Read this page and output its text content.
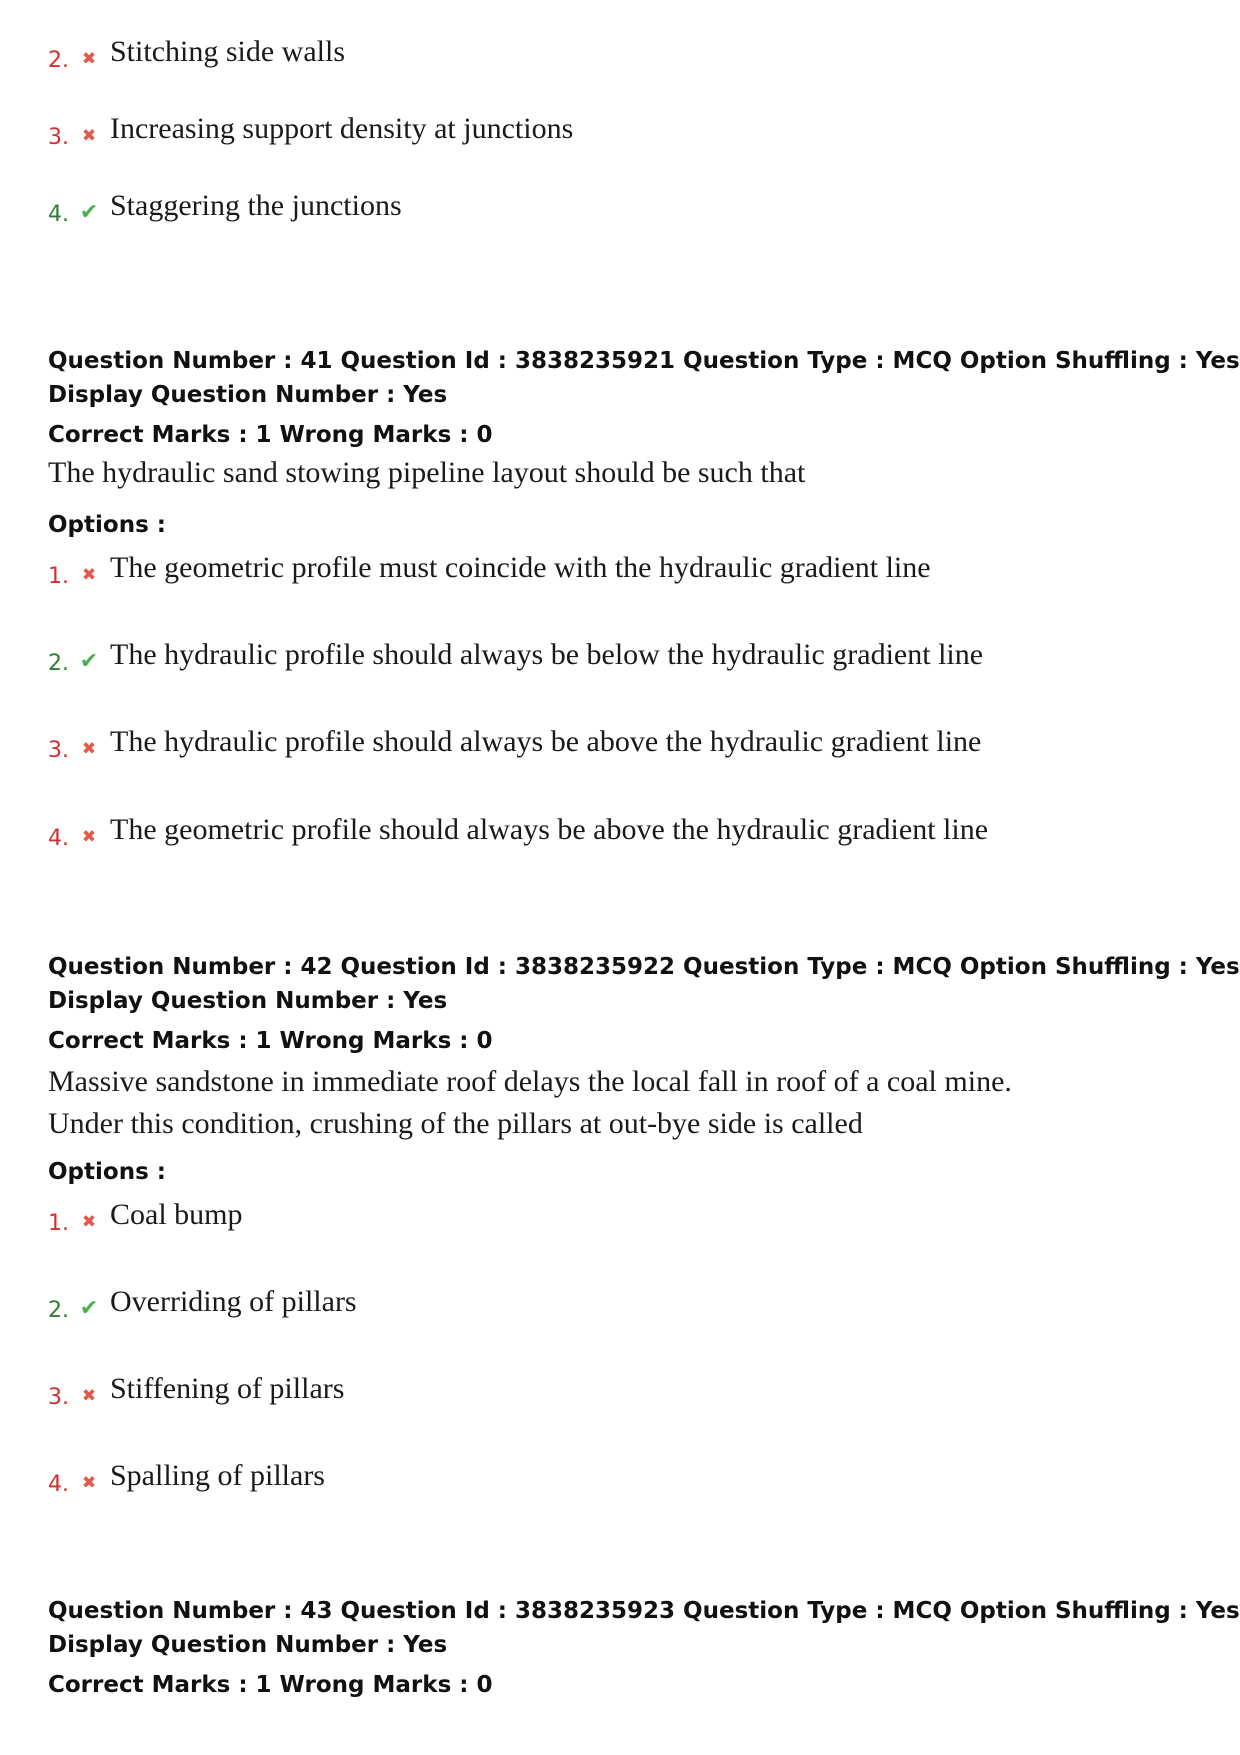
2. ✖ Stitching side walls
3. ✖ Increasing support density at junctions
4. ✔ Staggering the junctions
Question Number : 41 Question Id : 3838235921 Question Type : MCQ Option Shuffling : Yes
Display Question Number : Yes
Correct Marks : 1 Wrong Marks : 0
The hydraulic sand stowing pipeline layout should be such that
Options :
1. ✖ The geometric profile must coincide with the hydraulic gradient line
2. ✔ The hydraulic profile should always be below the hydraulic gradient line
3. ✖ The hydraulic profile should always be above the hydraulic gradient line
4. ✖ The geometric profile should always be above the hydraulic gradient line
Question Number : 42 Question Id : 3838235922 Question Type : MCQ Option Shuffling : Yes
Display Question Number : Yes
Correct Marks : 1 Wrong Marks : 0
Massive sandstone in immediate roof delays the local fall in roof of a coal mine.
Under this condition, crushing of the pillars at out-bye side is called
Options :
1. ✖ Coal bump
2. ✔ Overriding of pillars
3. ✖ Stiffening of pillars
4. ✖ Spalling of pillars
Question Number : 43 Question Id : 3838235923 Question Type : MCQ Option Shuffling : Yes
Display Question Number : Yes
Correct Marks : 1 Wrong Marks : 0
